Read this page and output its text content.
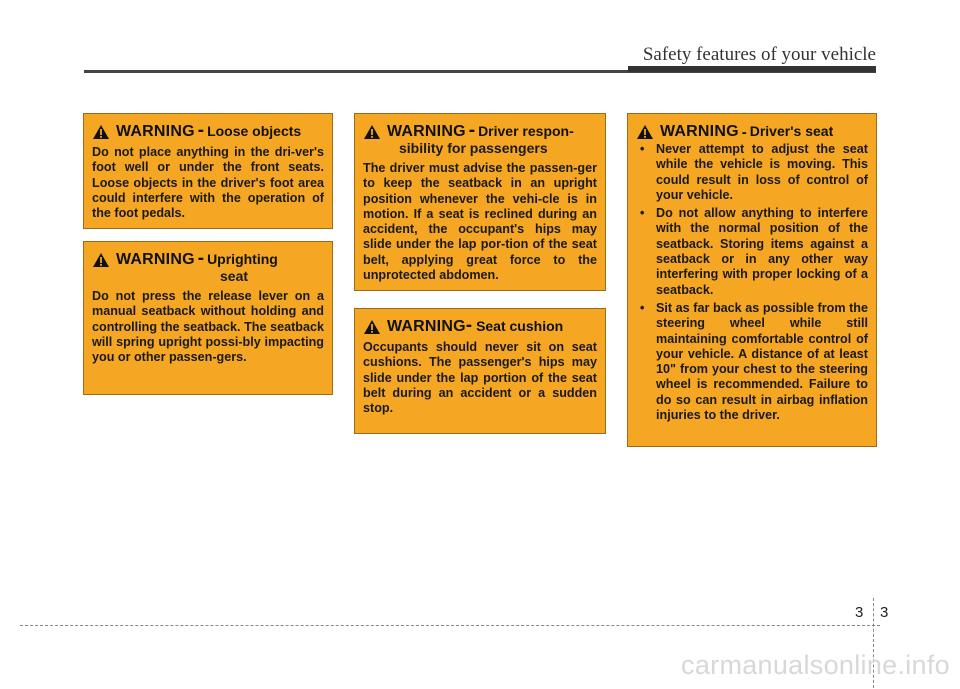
Safety features of your vehicle
WARNING - Loose objects

Do not place anything in the dri-ver's foot well or under the front seats. Loose objects in the driver's foot area could interfere with the operation of the foot pedals.

WARNING - Uprighting
seat

Do not press the release lever on a manual seatback without holding and controlling the seatback. The seatback will spring upright possi-bly impacting you or other passen-gers.

WARNING - Driver respon-
sibility for passengers

The driver must advise the passen-ger to keep the seatback in an upright position whenever the vehi-cle is in motion. If a seat is reclined during an accident, the occupant's hips may slide under the lap por-tion of the seat belt, applying great force to the unprotected abdomen.

WARNING - Seat cushion

Occupants should never sit on seat cushions. The passenger's hips may slide under the lap portion of the seat belt during an accident or a sudden stop.

WARNING - Driver's seat
• Never attempt to adjust the seat while the vehicle is moving. This could result in loss of control of your vehicle.
• Do not allow anything to interfere with the normal position of the seatback. Storing items against a seatback or in any other way interfering with proper locking of a seatback.
• Sit as far back as possible from the steering wheel while still maintaining comfortable control of your vehicle. A distance of at least 10" from your chest to the steering wheel is recommended. Failure to do so can result in airbag inflation injuries to the driver.
3 3
carmanualsonline.info
